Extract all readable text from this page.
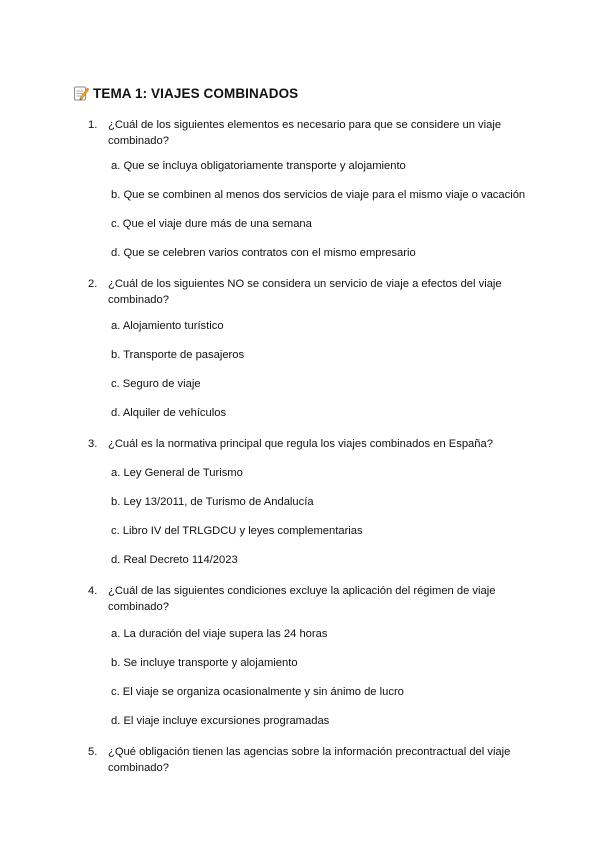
TEMA 1: VIAJES COMBINADOS
1. ¿Cuál de los siguientes elementos es necesario para que se considere un viaje combinado?
a. Que se incluya obligatoriamente transporte y alojamiento
b. Que se combinen al menos dos servicios de viaje para el mismo viaje o vacación
c. Que el viaje dure más de una semana
d. Que se celebren varios contratos con el mismo empresario
2. ¿Cuál de los siguientes NO se considera un servicio de viaje a efectos del viaje combinado?
a. Alojamiento turístico
b. Transporte de pasajeros
c. Seguro de viaje
d. Alquiler de vehículos
3. ¿Cuál es la normativa principal que regula los viajes combinados en España?
a. Ley General de Turismo
b. Ley 13/2011, de Turismo de Andalucía
c. Libro IV del TRLGDCU y leyes complementarias
d. Real Decreto 114/2023
4. ¿Cuál de las siguientes condiciones excluye la aplicación del régimen de viaje combinado?
a. La duración del viaje supera las 24 horas
b. Se incluye transporte y alojamiento
c. El viaje se organiza ocasionalmente y sin ánimo de lucro
d. El viaje incluye excursiones programadas
5. ¿Qué obligación tienen las agencias sobre la información precontractual del viaje combinado?
